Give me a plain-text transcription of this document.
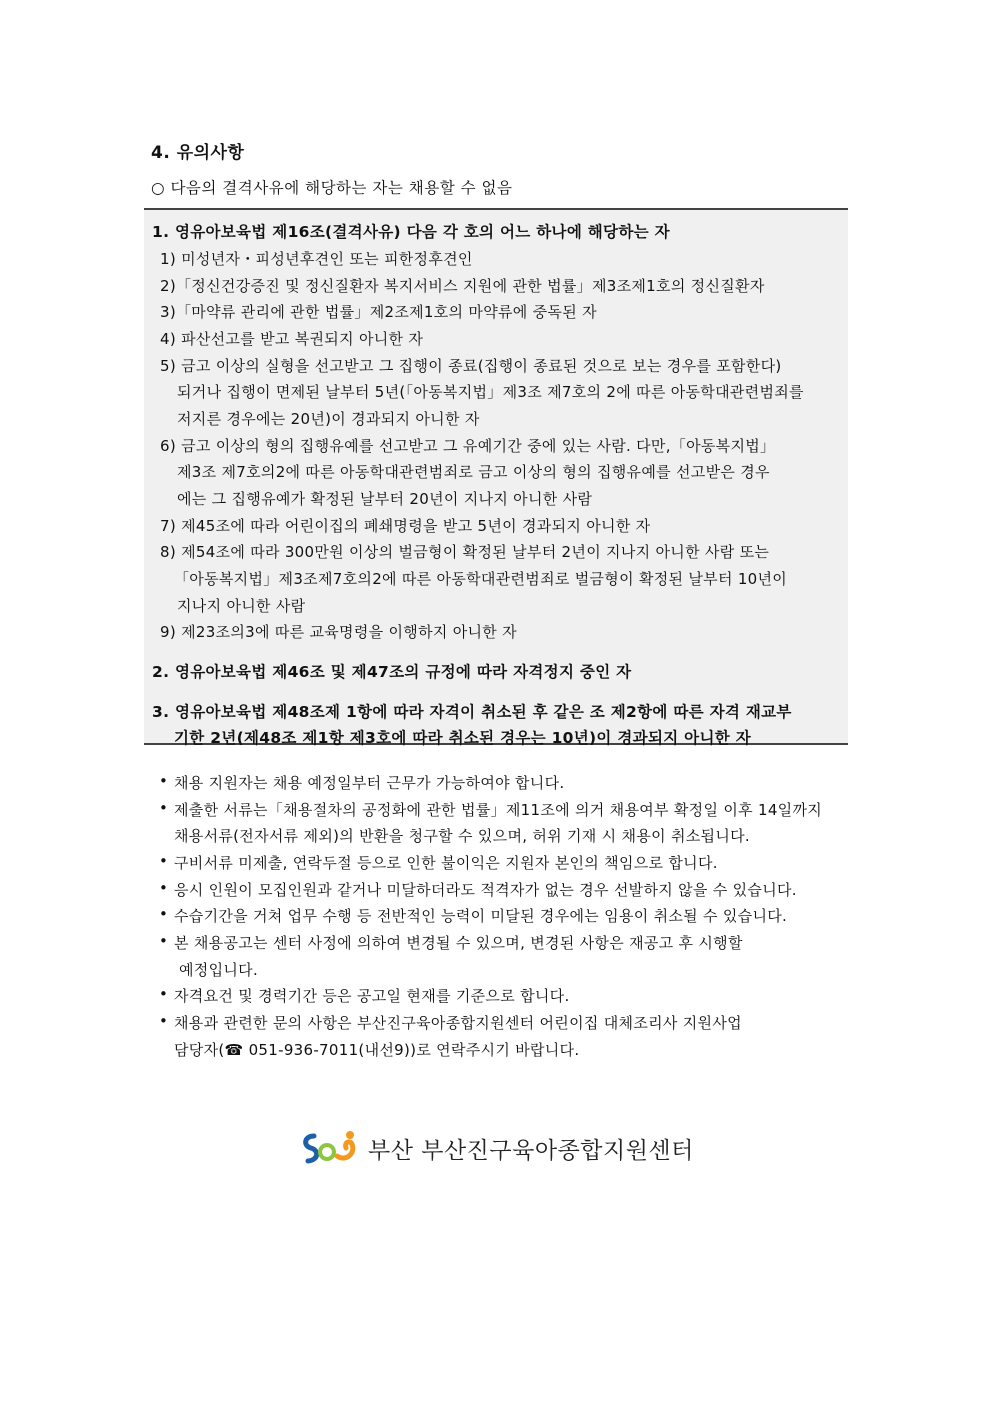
4. 유의사항
○ 다음의 결격사유에 해당하는 자는 채용할 수 없음
1. 영유아보육법 제16조(결격사유) 다음 각 호의 어느 하나에 해당하는 자
1) 미성년자・피성년후견인 또는 피한정후견인
2)「정신건강증진 및 정신질환자 복지서비스 지원에 관한 법률」제3조제1호의 정신질환자
3)「마약류 관리에 관한 법률」제2조제1호의 마약류에 중독된 자
4) 파산선고를 받고 복권되지 아니한 자
5) 금고 이상의 실형을 선고받고 그 집행이 종료(집행이 종료된 것으로 보는 경우를 포함한다)
되거나 집행이 면제된 날부터 5년(「아동복지법」제3조 제7호의 2에 따른 아동학대관련범죄를
저지른 경우에는 20년)이 경과되지 아니한 자
6) 금고 이상의 형의 집행유예를 선고받고 그 유예기간 중에 있는 사람. 다만,「아동복지법」
제3조 제7호의2에 따른 아동학대관련범죄로 금고 이상의 형의 집행유예를 선고받은 경우
에는 그 집행유예가 확정된 날부터 20년이 지나지 아니한 사람
7) 제45조에 따라 어린이집의 폐쇄명령을 받고 5년이 경과되지 아니한 자
8) 제54조에 따라 300만원 이상의 벌금형이 확정된 날부터 2년이 지나지 아니한 사람 또는
「아동복지법」제3조제7호의2에 따른 아동학대관련범죄로 벌금형이 확정된 날부터 10년이
지나지 아니한 사람
9) 제23조의3에 따른 교육명령을 이행하지 아니한 자
2. 영유아보육법 제46조 및 제47조의 규정에 따라 자격정지 중인 자
3. 영유아보육법 제48조제 1항에 따라 자격이 취소된 후 같은 조 제2항에 따른 자격 재교부
기한 2년(제48조 제1항 제3호에 따라 취소된 경우는 10년)이 경과되지 아니한 자
• 채용 지원자는 채용 예정일부터 근무가 가능하여야 합니다.
• 제출한 서류는「채용절차의 공정화에 관한 법률」제11조에 의거 채용여부 확정일 이후 14일까지
채용서류(전자서류 제외)의 반환을 청구할 수 있으며, 허위 기재 시 채용이 취소됩니다.
• 구비서류 미제출, 연락두절 등으로 인한 불이익은 지원자 본인의 책임으로 합니다.
• 응시 인원이 모집인원과 같거나 미달하더라도 적격자가 없는 경우 선발하지 않을 수 있습니다.
• 수습기간을 거쳐 업무 수행 등 전반적인 능력이 미달된 경우에는 임용이 취소될 수 있습니다.
• 본 채용공고는 센터 사정에 의하여 변경될 수 있으며, 변경된 사항은 재공고 후 시행할
예정입니다.
• 자격요건 및 경력기간 등은 공고일 현재를 기준으로 합니다.
• 채용과 관련한 문의 사항은 부산진구육아종합지원센터 어린이집 대체조리사 지원사업
담당자(☎ 051-936-7011(내선9))로 연락주시기 바랍니다.
부산 부산진구육아종합지원센터
